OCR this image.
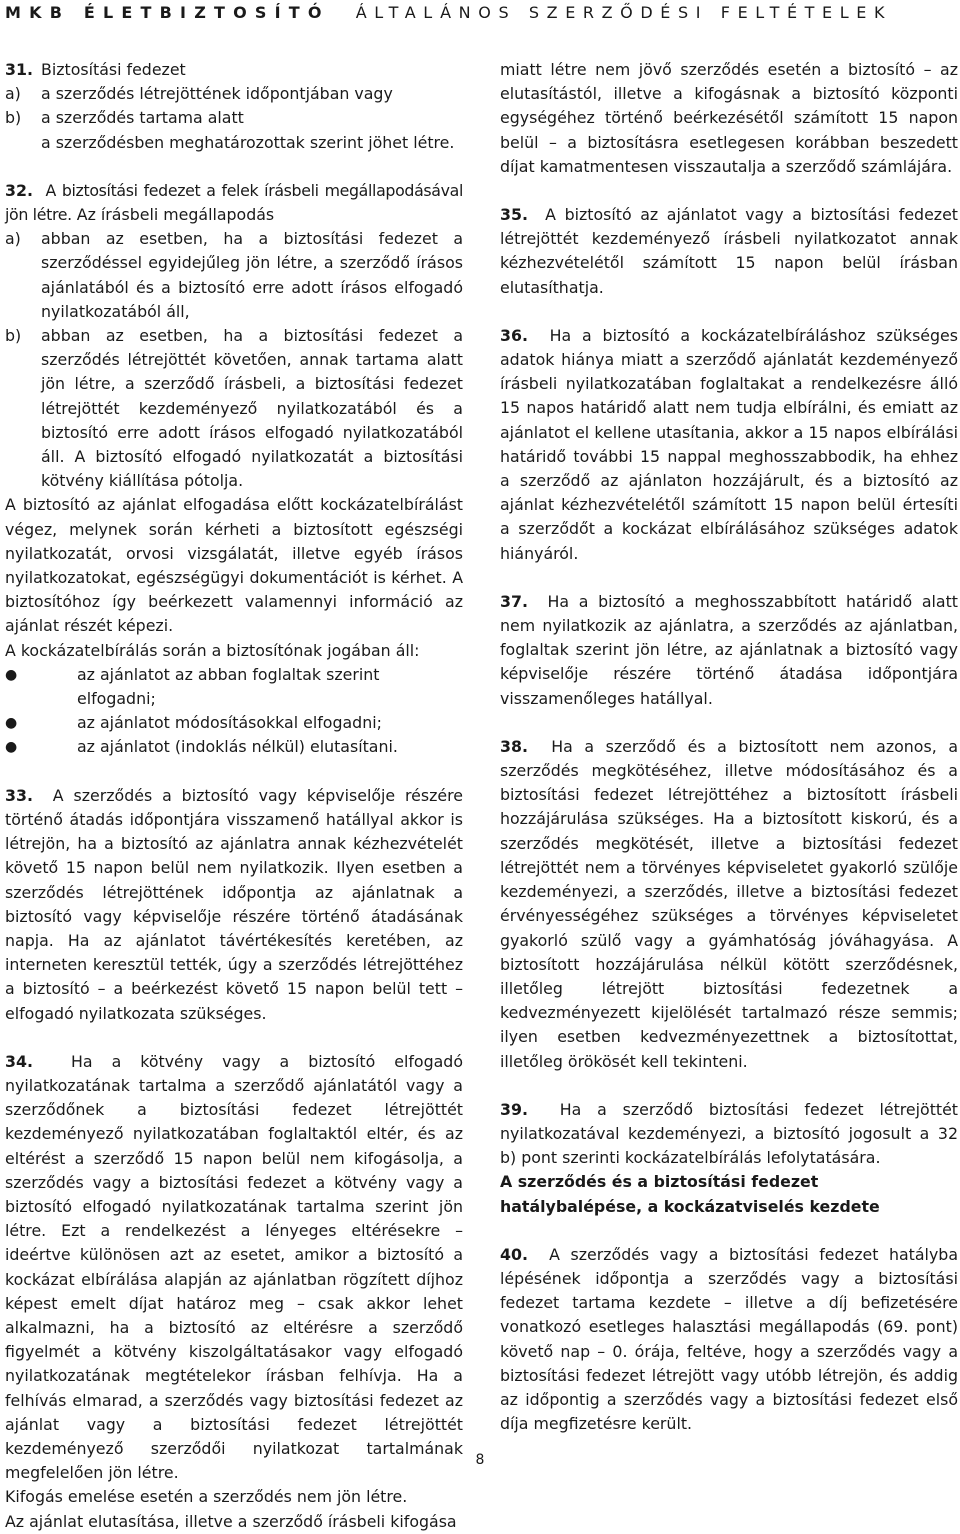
MKB ÉLETBIZTOSÍTÓ ÁLTALÁNOS SZERZŐDÉSI FELTÉTELEK
31. Biztosítási fedezet
a)	a szerződés létrejöttének időpontjában vagy
b)	a szerződés tartama alatt
a szerződésben meghatározottak szerint jöhet létre.

32. A biztosítási fedezet a felek írásbeli megállapodásával jön létre. Az írásbeli megállapodás

a)	abban az esetben, ha a biztosítási fedezet a szerződéssel egyidejűleg jön létre, a szerződő írásos ajánlatából és a biztosító erre adott írásos elfogadó nyilatkozatából áll,
b)	abban az esetben, ha a biztosítási fedezet a szerződés létrejöttét követően, annak tartama alatt jön létre, a szerződő írásbeli, a biztosítási fedezet létrejöttét kezdeményező nyilatkozatából és a biztosító erre adott írásos elfogadó nyilatkozatából áll. A biztosító elfogadó nyilatkozatát a biztosítási kötvény kiállítása pótolja.

A biztosító az ajánlat elfogadása előtt kockázatelbírálást végez, melynek során kérheti a biztosított egészségi nyilatkozatát, orvosi vizsgálatát, illetve egyéb írásos nyilatkozatokat, egészségügyi dokumentációt is kérhet. A biztosítóhoz így beérkezett valamennyi információ az ajánlat részét képezi.

A kockázatelbírálás során a biztosítónak jogában áll:

●	az ajánlatot az abban foglaltak szerint elfogadni;
●	az ajánlatot módosításokkal elfogadni;
●	az ajánlatot (indoklás nélkül) elutasítani.

33. A szerződés a biztosító vagy képviselője részére történő átadás időpontjára visszamenő hatállyal akkor is létrejön, ha a biztosító az ajánlatra annak kézhezvételét követő 15 napon belül nem nyilatkozik. Ilyen esetben a szerződés létrejöttének időpontja az ajánlatnak a biztosító vagy képviselője részére történő átadásának napja. Ha az ajánlatot távértékesítés keretében, az interneten keresztül tették, úgy a szerződés létrejöttéhez a biztosító – a beérkezést követő 15 napon belül tett – elfogadó nyilatkozata szükséges.

34. Ha a kötvény vagy a biztosító elfogadó nyilatkozatának tartalma a szerződő ajánlatától vagy a szerződőnek a biztosítási fedezet létrejöttét kezdeményező nyilatkozatában foglaltaktól eltér, és az eltérést a szerződő 15 napon belül nem kifogásolja, a szerződés vagy a biztosítási fedezet a kötvény vagy a biztosító elfogadó nyilatkozatának tartalma szerint jön létre. Ezt a rendelkezést a lényeges eltérésekre – ideértve különösen azt az esetet, amikor a biztosító a kockázat elbírálása alapján az ajánlatban rögzített díjhoz képest emelt díjat határoz meg – csak akkor lehet alkalmazni, ha a biztosító az eltérésre a szerződő figyelmét a kötvény kiszolgáltatásakor vagy elfogadó nyilatkozatának megtételekor írásban felhívja. Ha a felhívás elmarad, a szerződés vagy biztosítási fedezet az ajánlat vagy a biztosítási fedezet létrejöttét kezdeményező szerződői nyilatkozat tartalmának megfelelően jön létre.

Kifogás emelése esetén a szerződés nem jön létre.

Az ajánlat elutasítása, illetve a szerződő írásbeli kifogása

miatt létre nem jövő szerződés esetén a biztosító – az elutasítástól, illetve a kifogásnak a biztosító központi egységéhez történő beérkezésétől számított 15 napon belül – a biztosításra esetlegesen korábban beszedett díjat kamatmentesen visszautalja a szerződő számlájára.

35. A biztosító az ajánlatot vagy a biztosítási fedezet létrejöttét kezdeményező írásbeli nyilatkozatot annak kézhezvételétől számított 15 napon belül írásban elutasíthatja.

36. Ha a biztosító a kockázatelbíráláshoz szükséges adatok hiánya miatt a szerződő ajánlatát kezdeményező írásbeli nyilatkozatában foglaltakat a rendelkezésre álló 15 napos határidő alatt nem tudja elbírálni, és emiatt az ajánlatot el kellene utasítania, akkor a 15 napos elbírálási határidő további 15 nappal meghosszabbodik, ha ehhez a szerződő az ajánlaton hozzájárult, és a biztosító az ajánlat kézhezvételétől számított 15 napon belül értesíti a szerződőt a kockázat elbírálásához szükséges adatok hiányáról.

37. Ha a biztosító a meghosszabbított határidő alatt nem nyilatkozik az ajánlatra, a szerződés az ajánlatban, foglaltak szerint jön létre, az ajánlatnak a biztosító vagy képviselője részére történő átadása időpontjára visszamenőleges hatállyal.

38. Ha a szerződő és a biztosított nem azonos, a szerződés megkötéséhez, illetve módosításához és a biztosítási fedezet létrejöttéhez a biztosított írásbeli hozzájárulása szükséges. Ha a biztosított kiskorú, és a szerződés megkötését, illetve a biztosítási fedezet létrejöttét nem a törvényes képviseletet gyakorló szülője kezdeményezi, a szerződés, illetve a biztosítási fedezet érvényességéhez szükséges a törvényes képviseletet gyakorló szülő vagy a gyámhatóság jóváhagyása. A biztosított hozzájárulása nélkül kötött szerződésnek, illetőleg létrejött biztosítási fedezetnek a kedvezményezett kijelölését tartalmazó része semmis; ilyen esetben kedvezményezettnek a biztosítottat, illetőleg örökösét kell tekinteni.

39. Ha a szerződő biztosítási fedezet létrejöttét nyilatkozatával kezdeményezi, a biztosító jogosult a 32 b) pont szerinti kockázatelbírálás lefolytatására.

A szerződés és a biztosítási fedezet hatálybalépése, a kockázatviselés kezdete

40. A szerződés vagy a biztosítási fedezet hatályba lépésének időpontja a szerződés vagy a biztosítási fedezet tartama kezdete – illetve a díj befizetésére vonatkozó esetleges halasztási megállapodás (69. pont) követő nap – 0. órája, feltéve, hogy a szerződés vagy a biztosítási fedezet létrejött vagy utóbb létrejön, és addig az időpontig a szerződés vagy a biztosítási fedezet első díja megfizetésre került.

8
